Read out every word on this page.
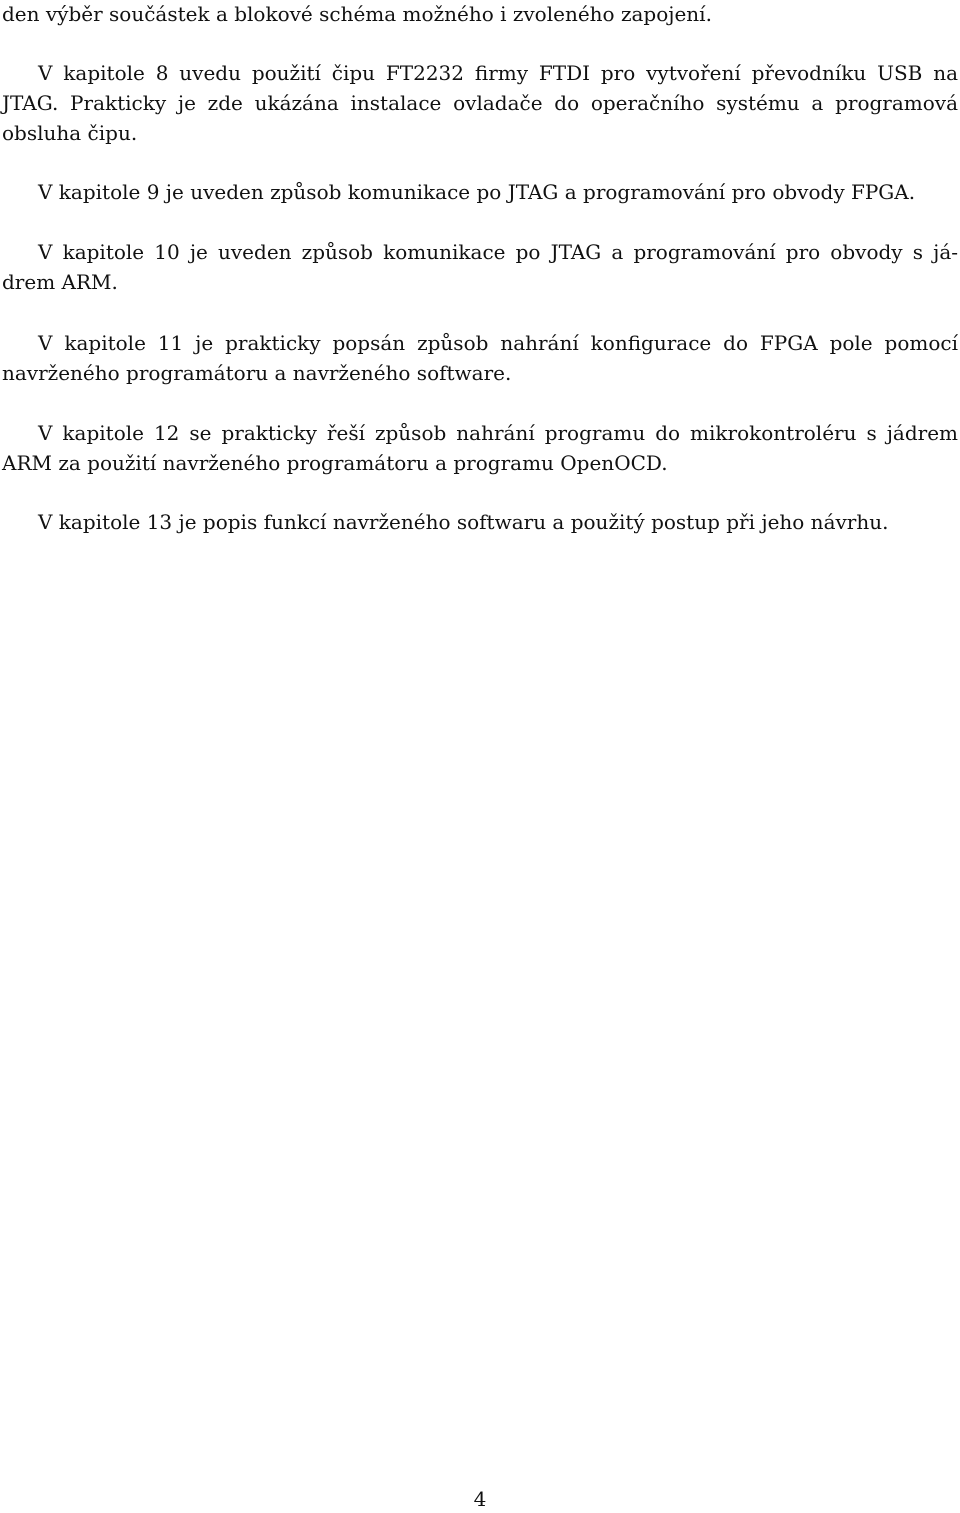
den výběr součástek a blokové schéma možného i zvoleného zapojení.
V kapitole 8 uvedu použití čipu FT2232 firmy FTDI pro vytvoření převodníku USB na
JTAG. Prakticky je zde ukázána instalace ovladače do operačního systému a programová
obsluha čipu.
V kapitole 9 je uveden způsob komunikace po JTAG a programování pro obvody FPGA.
V kapitole 10 je uveden způsob komunikace po JTAG a programování pro obvody s já-
drem ARM.
V kapitole 11 je prakticky popsán způsob nahrání konfigurace do FPGA pole pomocí
navrženého programátoru a navrženého software.
V kapitole 12 se prakticky řeší způsob nahrání programu do mikrokontroléru s jádrem
ARM za použití navrženého programátoru a programu OpenOCD.
V kapitole 13 je popis funkcí navrženého softwaru a použitý postup při jeho návrhu.
4
